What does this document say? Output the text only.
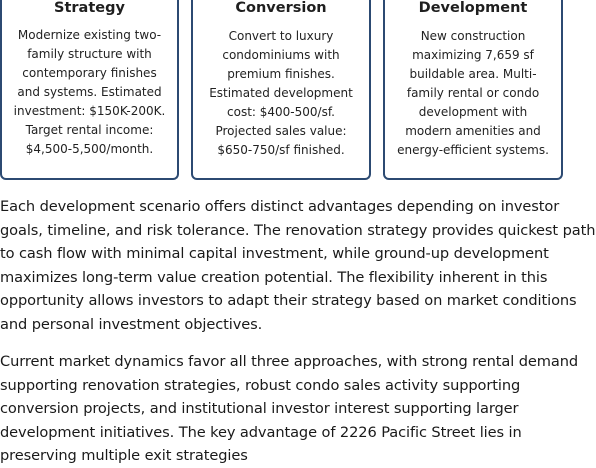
Strategy
Modernize existing two-family structure with contemporary finishes and systems. Estimated investment: $150K-200K. Target rental income: $4,500-5,500/month.
Conversion
Convert to luxury condominiums with premium finishes. Estimated development cost: $400-500/sf. Projected sales value: $650-750/sf finished.
Development
New construction maximizing 7,659 sf buildable area. Multi-family rental or condo development with modern amenities and energy-efficient systems.

Each development scenario offers distinct advantages depending on investor goals, timeline, and risk tolerance. The renovation strategy provides quickest path to cash flow with minimal capital investment, while ground-up development maximizes long-term value creation potential. The flexibility inherent in this opportunity allows investors to adapt their strategy based on market conditions and personal investment objectives.

Current market dynamics favor all three approaches, with strong rental demand supporting renovation strategies, robust condo sales activity supporting conversion projects, and institutional investor interest supporting larger development initiatives. The key advantage of 2226 Pacific Street lies in preserving multiple exit strategies
